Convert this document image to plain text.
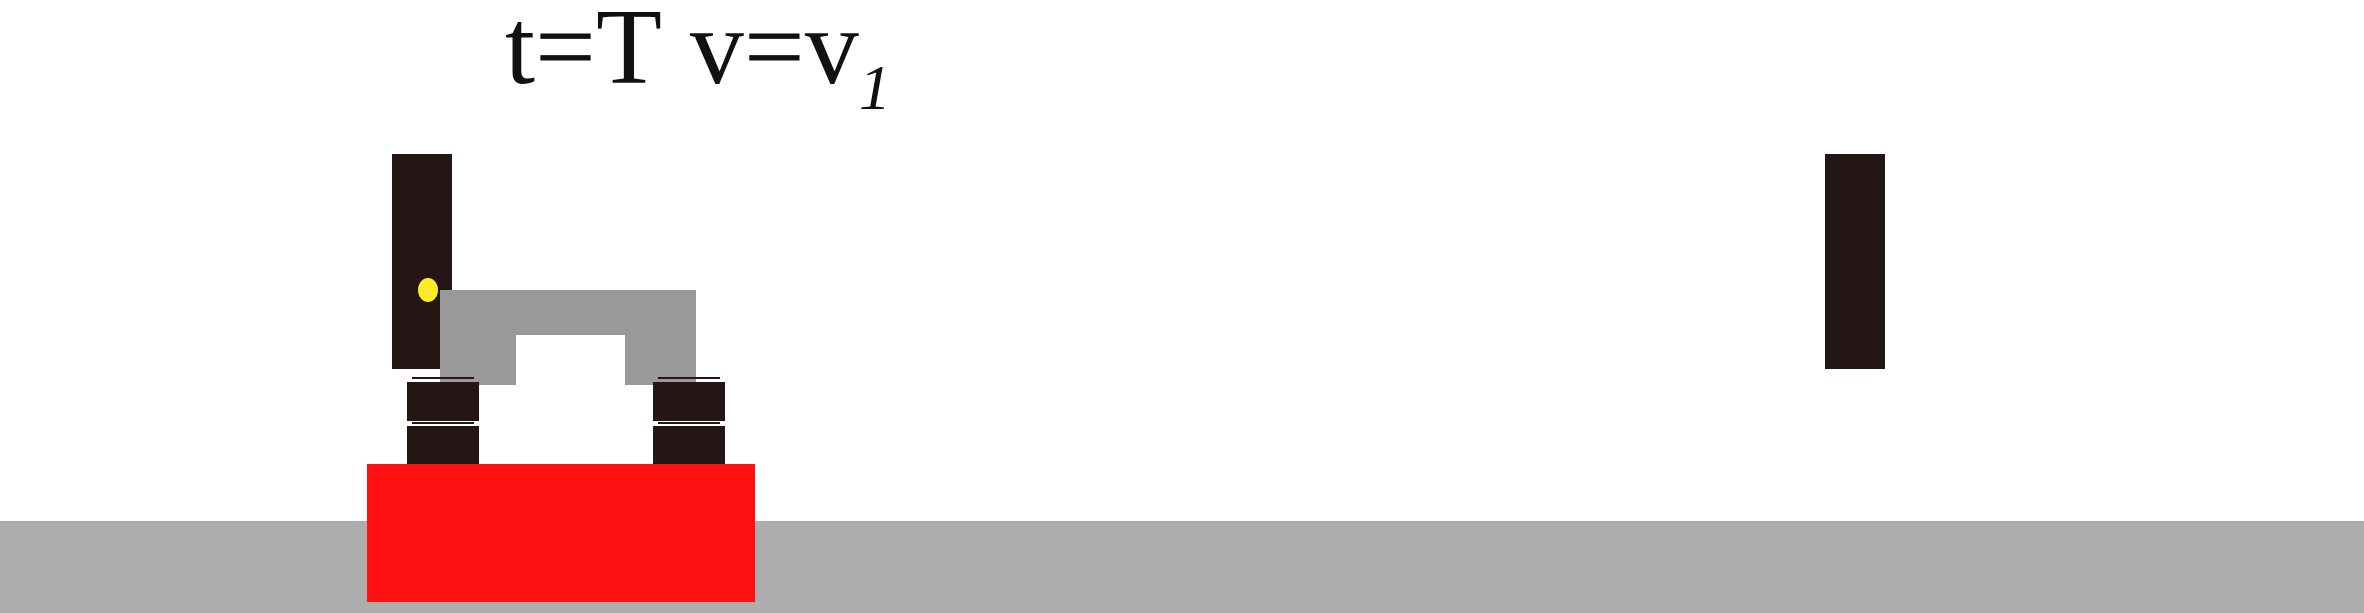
t=T v=v1
